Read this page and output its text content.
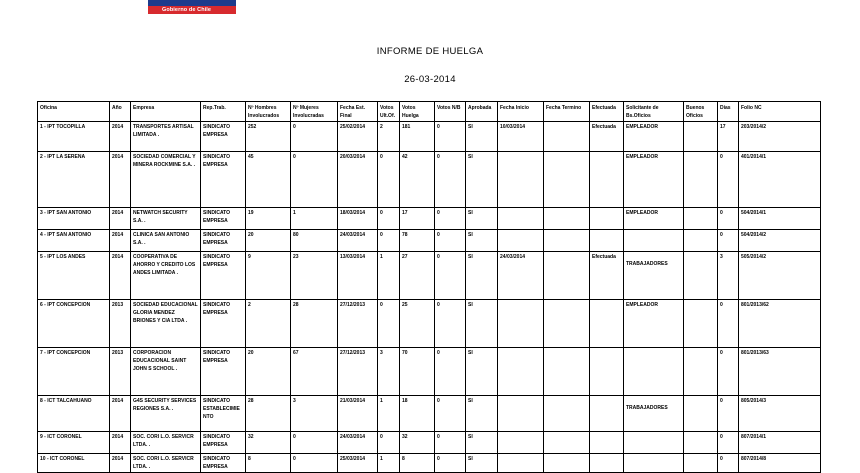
Gobierno de Chile
INFORME DE HUELGA
26-03-2014
Oficina	Año	Empresa	Rep.Trab.	Nº Hombres Involucrados	Nº Mujeres Involucradas	Fecha Est. Final	Votos Ult.Of.	Votos Huelga	Votos N/B	Aprobada	Fecha Inicio	Fecha Termino	Efectuada	Solicitante de Bs.Oficios	Buenos Oficios	Días	Folio NC
1 - IPT TOCOPILLA	2014	TRANSPORTES ARTISAL LIMITADA .	SINDICATO EMPRESA	252	0	25/02/2014	2	181	0	SI	10/03/2014		Efectuada	EMPLEADOR		17	203/2014/2
2 - IPT LA SERENA	2014	SOCIEDAD COMERCIAL Y MINERA ROCKMINE S.A. .	SINDICATO EMPRESA	45	0	20/03/2014	0	42	0	SI				EMPLEADOR		0	401/2014/1
3 - IPT SAN ANTONIO	2014	NETWATCH SECURITY S.A. .	SINDICATO EMPRESA	19	1	18/03/2014	0	17	0	SI				EMPLEADOR		0	504/2014/1
4 - IPT SAN ANTONIO	2014	CLINICA SAN ANTONIO S.A. .	SINDICATO EMPRESA	20	80	24/03/2014	0	78	0	SI						0	504/2014/2
5 - IPT LOS ANDES	2014	COOPERATIVA DE AHORRO Y CREDITO LOS ANDES LIMITADA .	SINDICATO EMPRESA	9	23	13/03/2014	1	27	0	SI	24/03/2014		Efectuada	TRABAJADORES		3	505/2014/2
6 - IPT CONCEPCION	2013	SOCIEDAD EDUCACIONAL GLORIA MENDEZ BRIONES Y CIA LTDA .	SINDICATO EMPRESA	2	28	27/12/2013	0	25	0	SI				EMPLEADOR		0	801/2013/62
7 - IPT CONCEPCION	2013	CORPORACION EDUCACIONAL SAINT JOHN S SCHOOL .	SINDICATO EMPRESA	20	67	27/12/2013	3	70	0	SI						0	801/2013/63
8 - ICT TALCAHUANO	2014	G4S SECURITY SERVICES REGIONES S.A. .	SINDICATO ESTABLECIMIENTO	28	3	21/03/2014	1	18	0	SI				TRABAJADORES		0	805/2014/3
9 - ICT CORONEL	2014	SOC. CORI L.O. SERVICR LTDA. .	SINDICATO EMPRESA	32	0	24/03/2014	0	32	0	SI						0	807/2014/1
10 - ICT CORONEL	2014	SOC. CORI L.O. SERVICR LTDA. .	SINDICATO EMPRESA	8	0	25/03/2014	1	8	0	SI						0	807/2014/8
